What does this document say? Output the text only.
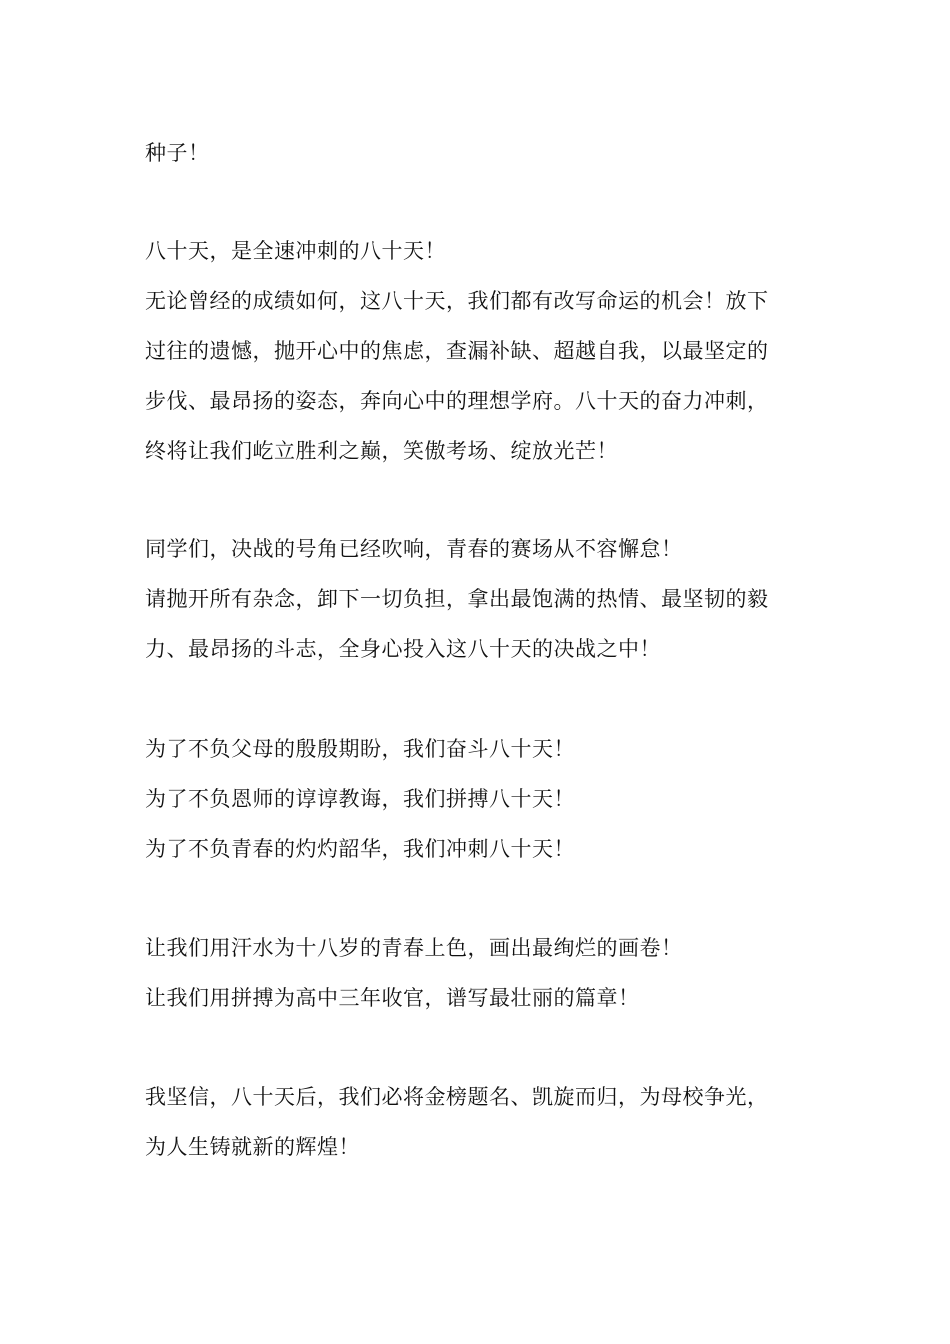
种子！
八十天，是全速冲刺的八十天！
无论曾经的成绩如何，这八十天，我们都有改写命运的机会！放下
过往的遗憾，抛开心中的焦虑，查漏补缺、超越自我，以最坚定的
步伐、最昂扬的姿态，奔向心中的理想学府。八十天的奋力冲刺，
终将让我们屹立胜利之巅，笑傲考场、绽放光芒！
同学们，决战的号角已经吹响，青春的赛场从不容懈怠！
请抛开所有杂念，卸下一切负担，拿出最饱满的热情、最坚韧的毅
力、最昂扬的斗志，全身心投入这八十天的决战之中！
为了不负父母的殷殷期盼，我们奋斗八十天！
为了不负恩师的谆谆教诲，我们拼搏八十天！
为了不负青春的灼灼韶华，我们冲刺八十天！
让我们用汗水为十八岁的青春上色，画出最绚烂的画卷！
让我们用拼搏为高中三年收官，谱写最壮丽的篇章！
我坚信，八十天后，我们必将金榜题名、凯旋而归，为母校争光，
为人生铸就新的辉煌！
